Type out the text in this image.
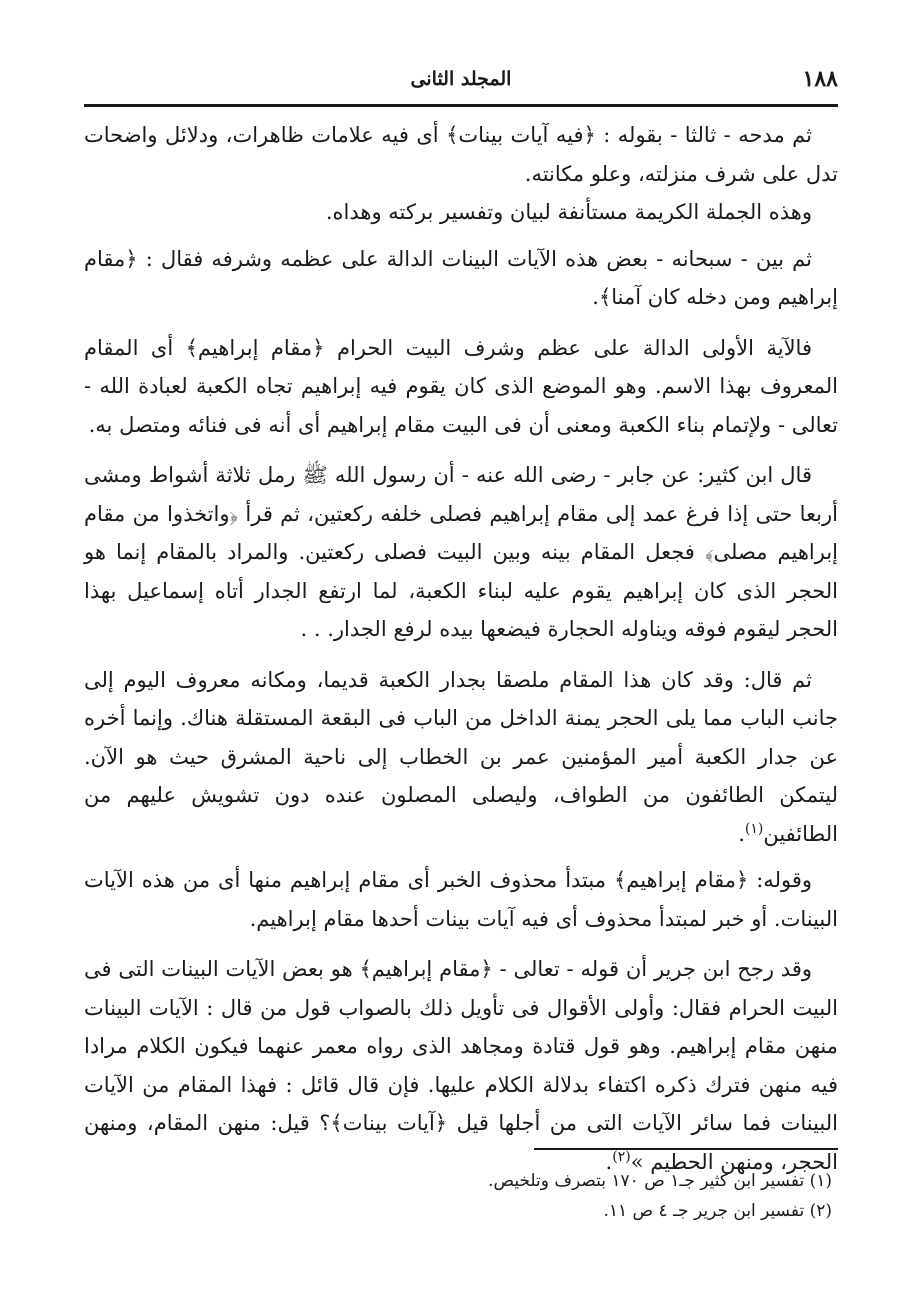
١٨٨
المجلد الثانى

ثم مدحه - ثالثا - بقوله : ﴿فيه آيات بينات﴾ أى فيه علامات ظاهرات، ودلائل واضحات تدل على شرف منزلته، وعلو مكانته.

وهذه الجملة الكريمة مستأنفة لبيان وتفسير بركته وهداه.

ثم بين - سبحانه - بعض هذه الآيات البينات الدالة على عظمه وشرفه فقال : ﴿مقام إبراهيم ومن دخله كان آمنا﴾.

فالآية الأولى الدالة على عظم وشرف البيت الحرام ﴿مقام إبراهيم﴾ أى المقام المعروف بهذا الاسم. وهو الموضع الذى كان يقوم فيه إبراهيم تجاه الكعبة لعبادة الله - تعالى - ولإتمام بناء الكعبة ومعنى أن فى البيت مقام إبراهيم أى أنه فى فنائه ومتصل به.

قال ابن كثير: عن جابر - رضى الله عنه - أن رسول الله ﷺ رمل ثلاثة أشواط ومشى أربعا حتى إذا فرغ عمد إلى مقام إبراهيم فصلى خلفه ركعتين، ثم قرأ ﴿واتخذوا من مقام إبراهيم مصلى﴾ فجعل المقام بينه وبين البيت فصلى ركعتين. والمراد بالمقام إنما هو الحجر الذى كان إبراهيم يقوم عليه لبناء الكعبة، لما ارتفع الجدار أتاه إسماعيل بهذا الحجر ليقوم فوقه ويناوله الحجارة فيضعها بيده لرفع الجدار. . .

ثم قال: وقد كان هذا المقام ملصقا بجدار الكعبة قديما، ومكانه معروف اليوم إلى جانب الباب مما يلى الحجر يمنة الداخل من الباب فى البقعة المستقلة هناك. وإنما أخره عن جدار الكعبة أمير المؤمنين عمر بن الخطاب إلى ناحية المشرق حيث هو الآن. ليتمكن الطائفون من الطواف، وليصلى المصلون عنده دون تشويش عليهم من الطائفين$^{(١)}$.

وقوله: ﴿مقام إبراهيم﴾ مبتدأ محذوف الخبر أى مقام إبراهيم منها أى من هذه الآيات البينات. أو خبر لمبتدأ محذوف أى فيه آيات بينات أحدها مقام إبراهيم.

وقد رجح ابن جرير أن قوله - تعالى - ﴿مقام إبراهيم﴾ هو بعض الآيات البينات التى فى البيت الحرام فقال: وأولى الأقوال فى تأويل ذلك بالصواب قول من قال : الآيات البينات منهن مقام إبراهيم. وهو قول قتادة ومجاهد الذى رواه معمر عنهما فيكون الكلام مرادا فيه منهن فترك ذكره اكتفاء بدلالة الكلام عليها. فإن قال قائل : فهذا المقام من الآيات البينات فما سائر الآيات التى من أجلها قيل ﴿آيات بينات﴾؟ قيل: منهن المقام، ومنهن الحجر، ومنهن الحطيم »$^{(٢)}$.

(١) تفسير ابن كثير جـ١ ص ١٧٠ بتصرف وتلخيص.

(٢) تفسير ابن جرير جـ ٤ ص ١١.
